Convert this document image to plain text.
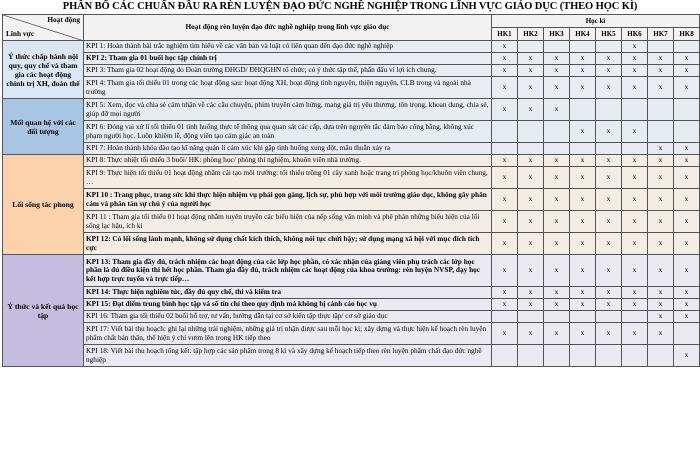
PHÂN BỔ CÁC CHUẨN ĐẦU RA RÈN LUYỆN ĐẠO ĐỨC NGHỀ NGHIỆP TRONG LĨNH VỰC GIÁO DỤC (THEO HỌC KÌ)
Hoạt động
Lĩnh vực	Hoạt động rèn luyện đạo đức nghề nghiệp trong lĩnh vực giáo dục	Học kì							
		HK1	HK2	HK3	HK4	HK5	HK6	HK7	HK8
Ý thức chấp hành nội quy, quy chế và tham gia các hoạt động chính trị XH, đoàn thể	KPI 1: Hoàn thành bài trắc nghiệm tìm hiểu về các văn bản và luật có liên quan đến đạo đức nghề nghiệp	x					x		
	KPI 2: Tham gia 01 buổi học tập chính trị	x	x	x	x	x	x	x	x
	KPI 3: Tham gia 02 hoạt động do Đoàn trường ĐHGD/ ĐHQGHN tổ chức; có ý thức tập thể, phấn đấu vì lợi ích chung.	x	x	x	x	x	x	x	x
	KPI 4: Tham gia tối thiểu 01 trong các hoạt động sau: hoạt động XH, hoạt động tình nguyện, thiện nguyện, CLB trong và ngoài nhà trường	x	x	x	x	x	x	x	x
Mối quan hệ với các đối tượng	KPI 5: Xem, đọc và chia sẻ cảm nhận về các câu chuyện, phim truyền cảm hứng, mang giá trị yêu thương, tôn trọng, khoan dung, chia sẻ, giúp đỡ mọi người	x	x	x					
	KPI 6: Đóng vai xử lí tối thiểu 01 tình huống thực tế thông qua quan sát các cấp, dựa trên nguyên tắc đảm bảo công bằng, không xúc phạm người học. Luôn khiêm lễ, động viên tạo cảm giác an toàn				x	x	x		
	KPI 7: Hoàn thành khóa đào tạo kĩ năng quản lí cảm xúc khi gặp tình huống xung đột, mâu thuẫn xảy ra							x	x
Lối sống tác phong	KPI 8: Thực nhiệt tối thiểu 3 buổi/ HK: phòng học/ phòng thí nghiệm, khuôn viên nhà trường.	x	x	x	x	x	x	x	x
	KPI 9: Thực hiện tối thiểu 01 hoạt động nhằm cải tạo môi trường: tối thiểu trồng 01 cây xanh hoặc trang trí phòng học/khuôn viên chung, …	x	x	x	x	x	x	x	x
	KPI 10 : Trang phục, trang sức khi thực hiện nhiệm vụ phải gọn gàng, lịch sự, phù hợp với môi trường giáo dục, không gây phân cảm và phân tán sự chú ý của người học	x	x	x	x	x	x	x	x
	KPI 11 : Tham gia tối thiểu 01 hoạt động nhằm tuyên truyền các biểu hiện của nếp sống văn minh và phê phán những biểu hiện của lối sống lạc hậu, ích kỉ	x	x	x	x	x	x	x	x
	KPI 12: Có lối sống lành mạnh, không sử dụng chất kích thích, không nói tục chửi bậy; sử dụng mạng xã hội với mục đích tích cực	x	x	x	x	x	x	x	x
Ý thức và kết quả học tập	KPI 13: Tham gia đầy đủ, trách nhiệm các hoạt động của các lớp học phần, có xác nhận của giảng viên phụ trách các lớp học phần là đủ điều kiện thi hết học phần. Tham gia đầy đủ, trách nhiệm các hoạt động của khoa trường: rèn luyện NVSP, dạy học kết hợp trực tuyến và trực tiếp…	x	x	x	x	x	x	x	x
	KPI 14: Thực hiện nghiêm túc, đầy đủ quy chế, thi và kiểm tra	x	x	x	x	x	x	x	x
	KPI 15: Đạt điểm trung bình học tập và số tín chỉ theo quy định mà không bị cảnh cáo học vụ	x	x	x	x	x	x	x	x
	KPI 16: Tham gia tối thiểu 02 buổi hỗ trợ, tư vấn, hướng dẫn tại cơ sở kiến tập thực tập/ cơ sở giáo dục							x	x
	KPI 17: Viết bài thu hoạch: ghi lại những trải nghiệm, những giá trị nhận được sau mỗi học kì; xây dựng và thực hiện kế hoạch rèn luyện phẩm chất bản thân, thể hiện ý chí vươn lên trong HK tiếp theo	x	x	x	x	x	x	x	
	KPI 18: Viết bài thu hoạch tổng kết: tập hợp các sản phẩm trong 8 kì và xây dựng kế hoạch tiếp theo rèn luyện phẩm chất đạo đức nghề nghiệp								x
